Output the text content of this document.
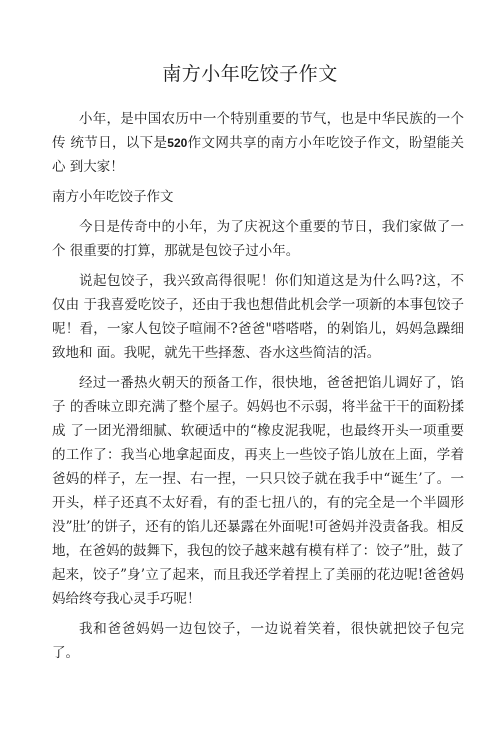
南方小年吃饺子作文

小年，是中国农历中一个特别重要的节气，也是中华民族的一个传 统节日，以下是520作文网共享的南方小年吃饺子作文，盼望能关心 到大家！

南方小年吃饺子作文

今日是传奇中的小年，为了庆祝这个重要的节日，我们家做了一个 很重要的打算，那就是包饺子过小年。

说起包饺子，我兴致高得很呢！你们知道这是为什么吗?这，不仅由 于我喜爱吃饺子，还由于我也想借此机会学一项新的本事包饺子呢！看，一家人包饺子喧闹不?爸爸"嗒嗒嗒，的剁馅儿，妈妈急躁细致地和 面。我呢，就先干些择葱、沓水这些简洁的活。

经过一番热火朝天的预备工作，很快地，爸爸把馅儿调好了，馅子 的香味立即充满了整个屋子。妈妈也不示弱，将半盆干干的面粉揉成 了一团光滑细腻、软硬适中的“橡皮泥我呢，也最终开头一项重要 的工作了：我当心地拿起面皮，再夹上一些饺子馅儿放在上面，学着 爸妈的样子，左一捏、右一捏，一只只饺子就在我手中“诞生’了。一 开头，样子还真不太好看，有的歪七扭八的，有的完全是一个半圆形 没”肚’的饼子，还有的馅儿还暴露在外面呢!可爸妈并没责备我。相反 地，在爸妈的鼓舞下，我包的饺子越来越有模有样了：饺子”肚，鼓了 起来，饺子”身’立了起来，而且我还学着捏上了美丽的花边呢!爸爸妈 妈给终夸我心灵手巧呢！

我和爸爸妈妈一边包饺子，一边说着笑着，很快就把饺子包完了。
